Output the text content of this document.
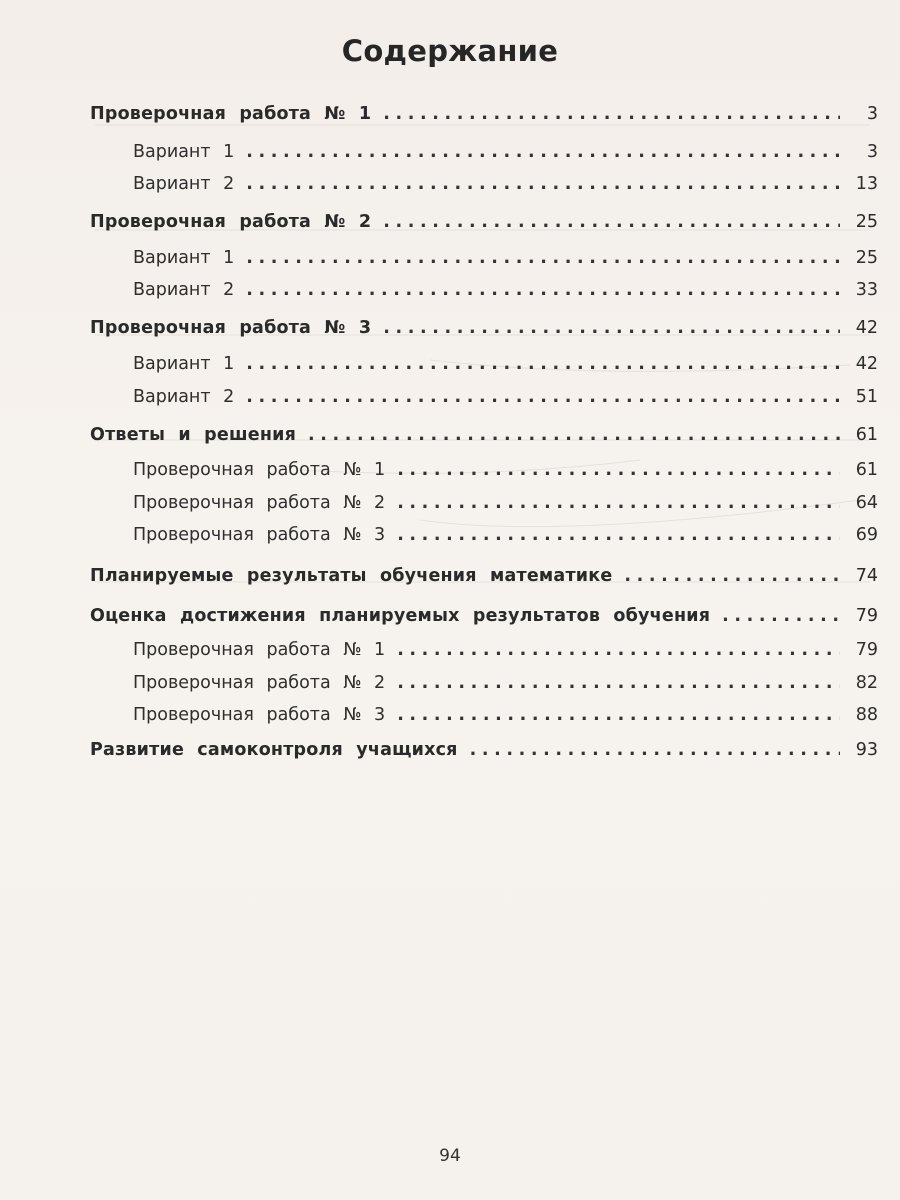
Содержание
Проверочная работа № 1 .....	3
Вариант 1 .....	3
Вариант 2 .....	13
Проверочная работа № 2 .....	25
Вариант 1 .....	25
Вариант 2 .....	33
Проверочная работа № 3 .....	42
Вариант 1 .....	42
Вариант 2 .....	51
Ответы и решения .....	61
Проверочная работа № 1 .....	61
Проверочная работа № 2 .....	64
Проверочная работа № 3 .....	69
Планируемые результаты обучения математике .....	74
Оценка достижения планируемых результатов обучения .....	79
Проверочная работа № 1 .....	79
Проверочная работа № 2 .....	82
Проверочная работа № 3 .....	88
Развитие самоконтроля учащихся .....	93
94
